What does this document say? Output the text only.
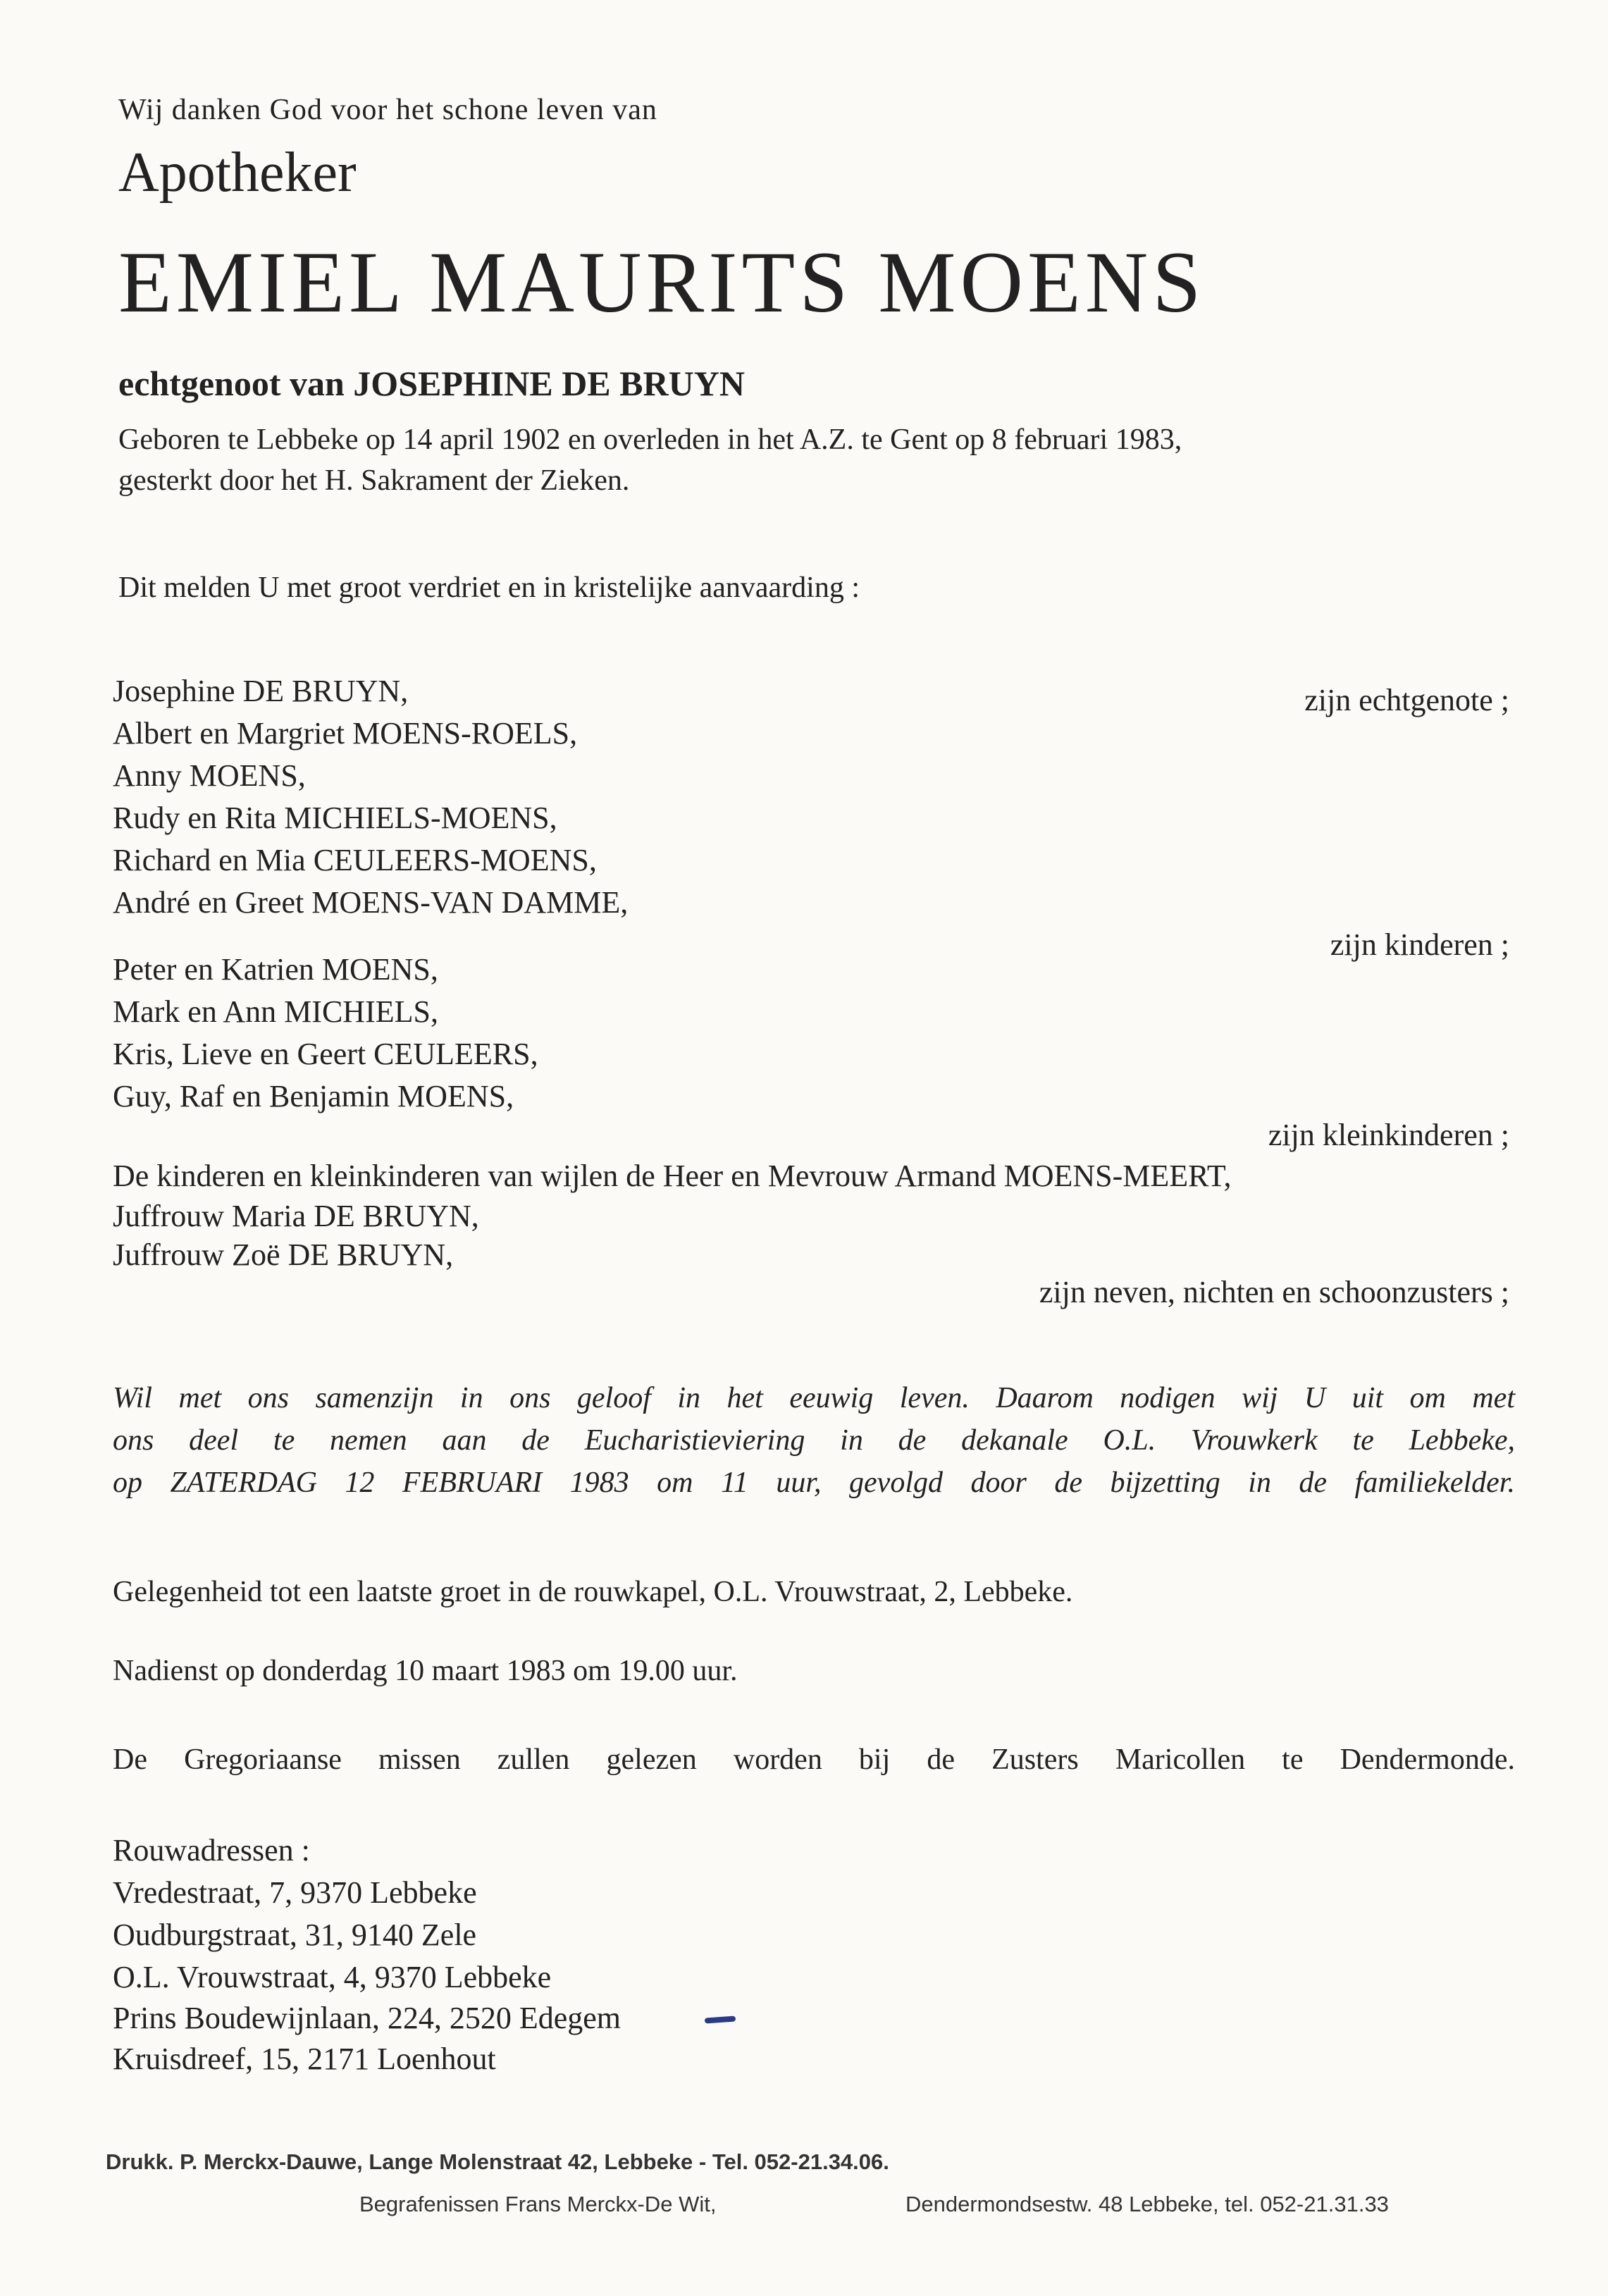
Wij danken God voor het schone leven van
Apotheker
EMIEL MAURITS MOENS
echtgenoot van JOSEPHINE DE BRUYN
Geboren te Lebbeke op 14 april 1902 en overleden in het A.Z. te Gent op 8 februari 1983,
gesterkt door het H. Sakrament der Zieken.
Dit melden U met groot verdriet en in kristelijke aanvaarding :
Josephine DE BRUYN,	zijn echtgenote ;
Albert en Margriet MOENS-ROELS,
Anny MOENS,
Rudy en Rita MICHIELS-MOENS,
Richard en Mia CEULEERS-MOENS,
André en Greet MOENS-VAN DAMME,
zijn kinderen ;
Peter en Katrien MOENS,
Mark en Ann MICHIELS,
Kris, Lieve en Geert CEULEERS,
Guy, Raf en Benjamin MOENS,
zijn kleinkinderen ;
De kinderen en kleinkinderen van wijlen de Heer en Mevrouw Armand MOENS-MEERT,
Juffrouw Maria DE BRUYN,
Juffrouw Zoë DE BRUYN,
zijn neven, nichten en schoonzusters ;
Wil met ons samenzijn in ons geloof in het eeuwig leven. Daarom nodigen wij U uit om met
ons deel te nemen aan de Eucharistieviering in de dekanale O.L. Vrouwkerk te Lebbeke,
op ZATERDAG 12 FEBRUARI 1983 om 11 uur, gevolgd door de bijzetting in de familiekelder.
Gelegenheid tot een laatste groet in de rouwkapel, O.L. Vrouwstraat, 2, Lebbeke.
Nadienst op donderdag 10 maart 1983 om 19.00 uur.
De Gregoriaanse missen zullen gelezen worden bij de Zusters Maricollen te Dendermonde.
Rouwadressen :
Vredestraat, 7, 9370 Lebbeke
Oudburgstraat, 31, 9140 Zele
O.L. Vrouwstraat, 4, 9370 Lebbeke
Prins Boudewijnlaan, 224, 2520 Edegem
Kruisdreef, 15, 2171 Loenhout
Drukk. P. Merckx-Dauwe, Lange Molenstraat 42, Lebbeke - Tel. 052-21.34.06.
Begrafenissen Frans Merckx-De Wit,	Dendermondsestw. 48 Lebbeke, tel. 052-21.31.33
